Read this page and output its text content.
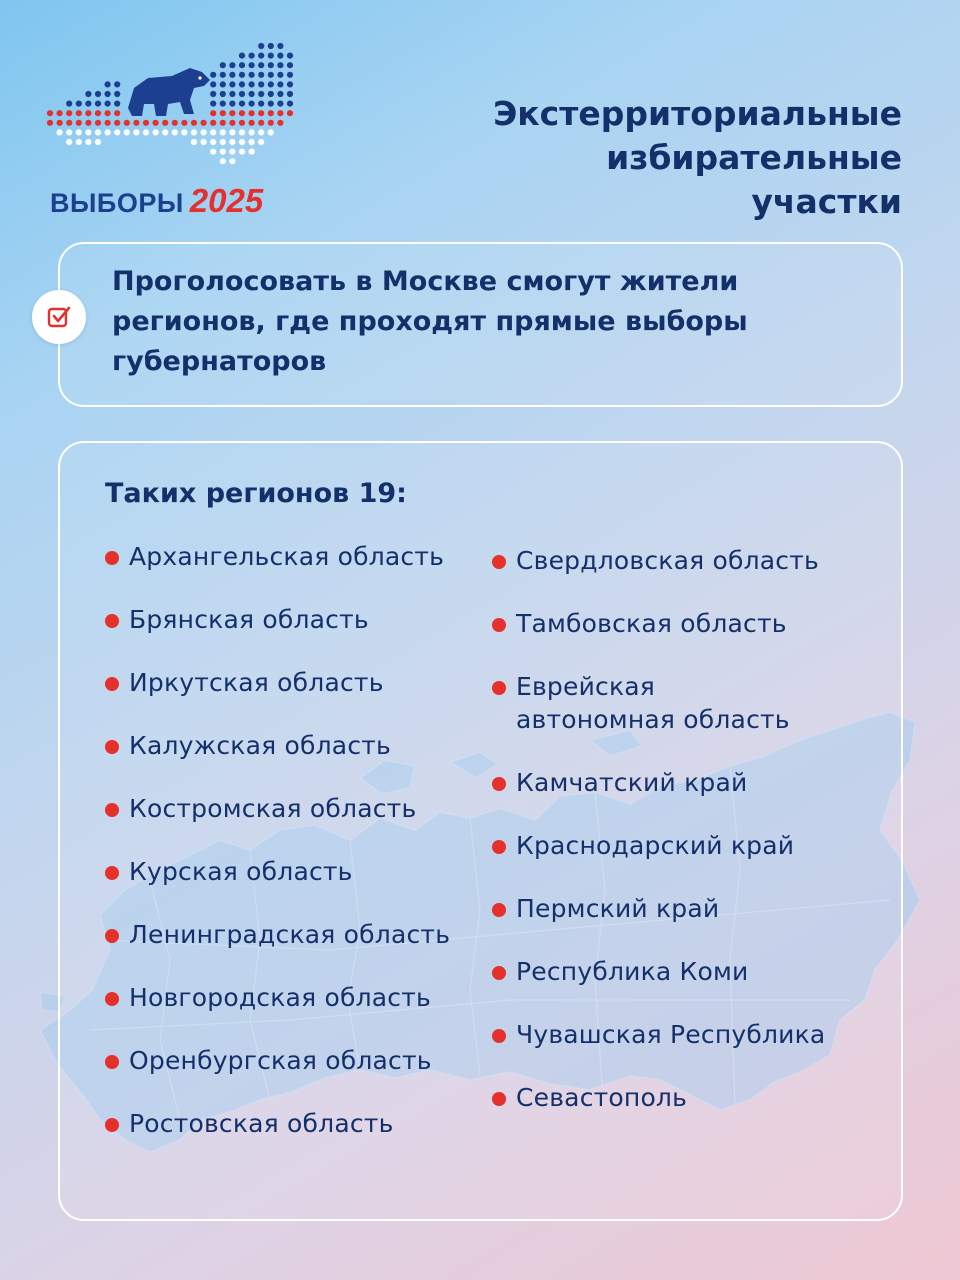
ВЫБОРЫ 2025
Экстерриториальные
избирательные
участки
Проголосовать в Москве смогут жители
регионов, где проходят прямые выборы
губернаторов
Таких регионов 19:
Архангельская область
Брянская область
Иркутская область
Калужская область
Костромская область
Курская область
Ленинградская область
Новгородская область
Оренбургская область
Ростовская область
Свердловская область
Тамбовская область
Еврейская
автономная область
Камчатский край
Краснодарский край
Пермский край
Республика Коми
Чувашская Республика
Севастополь
